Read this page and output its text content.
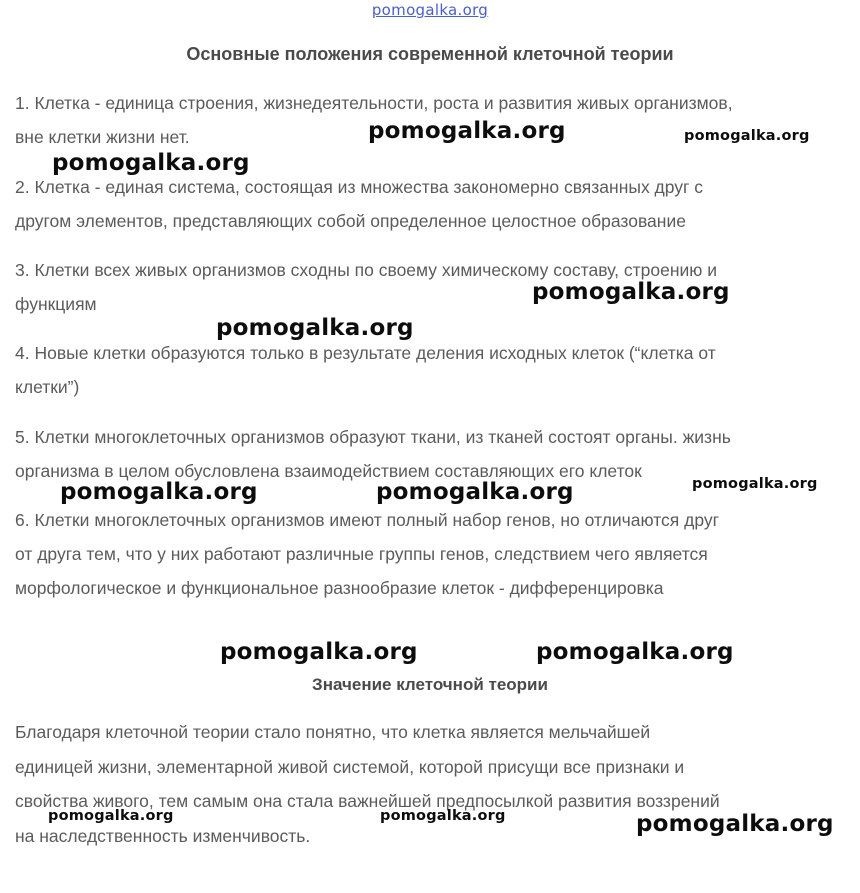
pomogalka.org
Основные положения современной клеточной теории

1. Клетка - единица строения, жизнедеятельности, роста и развития живых организмов,
вне клетки жизни нет.

2. Клетка - единая система, состоящая из множества закономерно связанных друг с
другом элементов, представляющих собой определенное целостное образование

3. Клетки всех живых организмов сходны по своему химическому составу, строению и
функциям

4. Новые клетки образуются только в результате деления исходных клеток (“клетка от
клетки”)

5. Клетки многоклеточных организмов образуют ткани, из тканей состоят органы. жизнь
организма в целом обусловлена взаимодействием составляющих его клеток

6. Клетки многоклеточных организмов имеют полный набор генов, но отличаются друг
от друга тем, что у них работают различные группы генов, следствием чего является
морфологическое и функциональное разнообразие клеток - дифференцировка

Значение клеточной теории

Благодаря клеточной теории стало понятно, что клетка является мельчайшей
единицей жизни, элементарной живой системой, которой присущи все признаки и
свойства живого, тем самым она стала важнейшей предпосылкой развития воззрений
на наследственность изменчивость.

pomogalka.org	pomogalka.org
pomogalka.org
pomogalka.org
pomogalka.org
pomogalka.org	pomogalka.org	pomogalka.org
pomogalka.org	pomogalka.org
pomogalka.org	pomogalka.org	pomogalka.org
